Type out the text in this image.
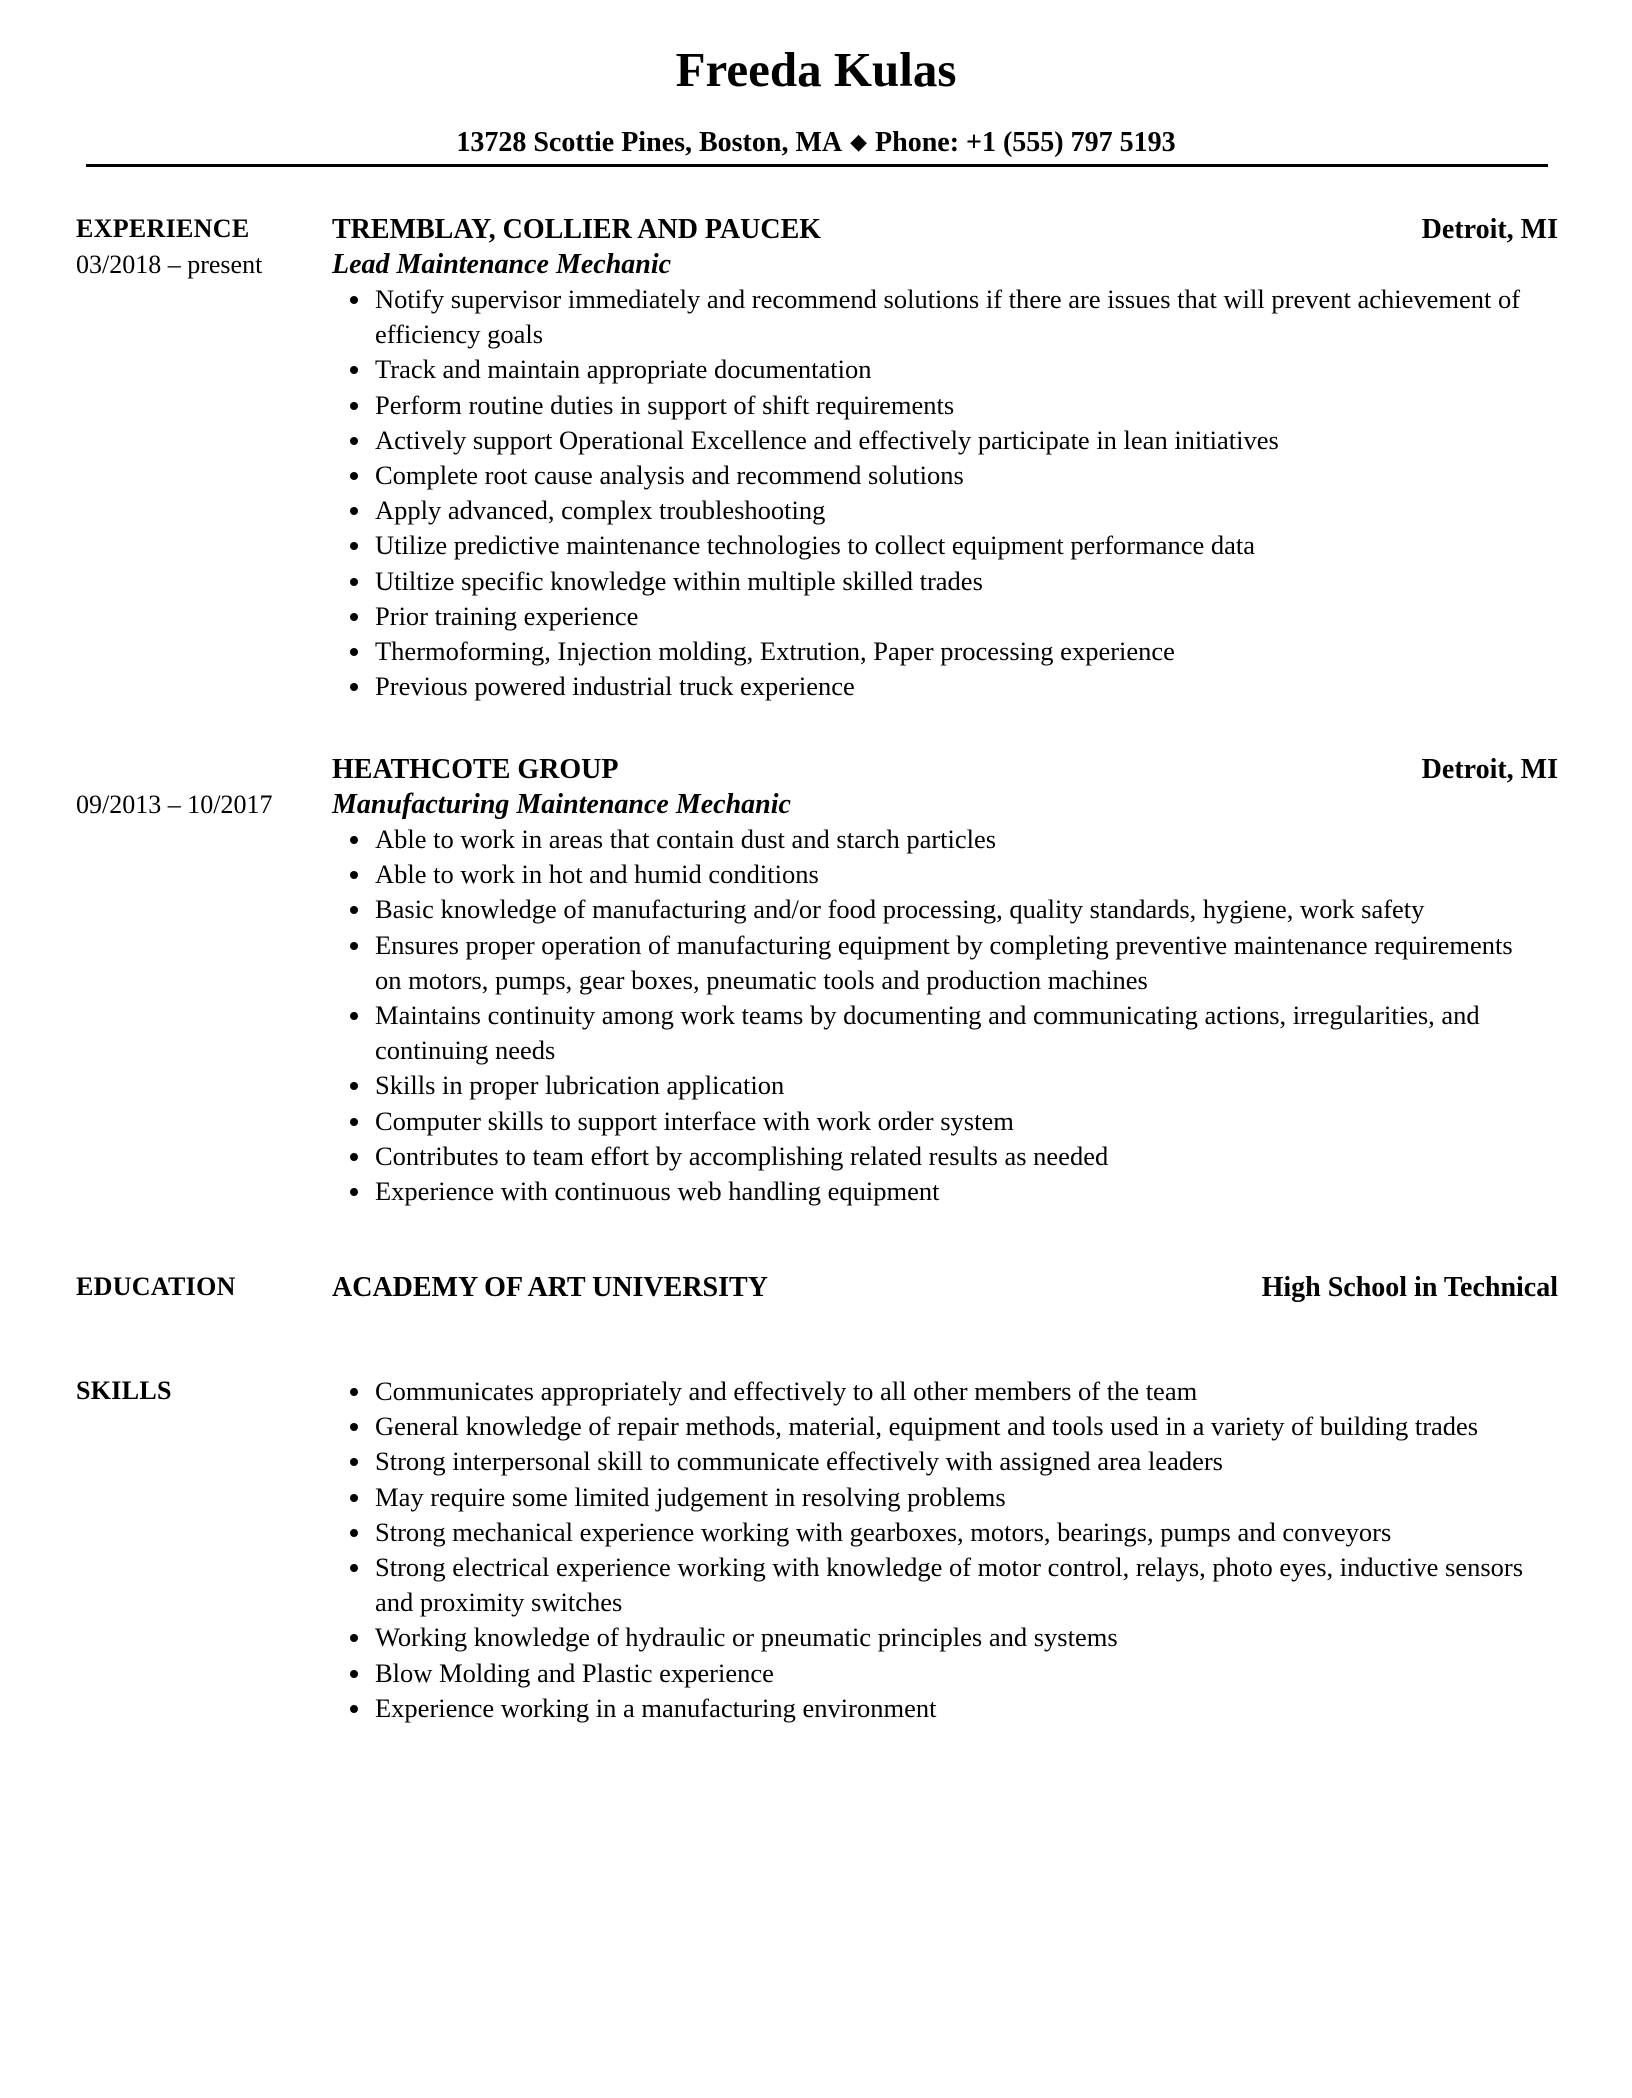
Freeda Kulas
13728 Scottie Pines, Boston, MA ◆ Phone: +1 (555) 797 5193
EXPERIENCE
03/2018 – present
TREMBLAY, COLLIER AND PAUCEK	Detroit, MI
Lead Maintenance Mechanic
Notify supervisor immediately and recommend solutions if there are issues that will prevent achievement of efficiency goals
Track and maintain appropriate documentation
Perform routine duties in support of shift requirements
Actively support Operational Excellence and effectively participate in lean initiatives
Complete root cause analysis and recommend solutions
Apply advanced, complex troubleshooting
Utilize predictive maintenance technologies to collect equipment performance data
Utiltize specific knowledge within multiple skilled trades
Prior training experience
Thermoforming, Injection molding, Extrution, Paper processing experience
Previous powered industrial truck experience
09/2013 – 10/2017
HEATHCOTE GROUP	Detroit, MI
Manufacturing Maintenance Mechanic
Able to work in areas that contain dust and starch particles
Able to work in hot and humid conditions
Basic knowledge of manufacturing and/or food processing, quality standards, hygiene, work safety
Ensures proper operation of manufacturing equipment by completing preventive maintenance requirements on motors, pumps, gear boxes, pneumatic tools and production machines
Maintains continuity among work teams by documenting and communicating actions, irregularities, and continuing needs
Skills in proper lubrication application
Computer skills to support interface with work order system
Contributes to team effort by accomplishing related results as needed
Experience with continuous web handling equipment
EDUCATION	ACADEMY OF ART UNIVERSITY	High School in Technical
SKILLS	Communicates appropriately and effectively to all other members of the team
General knowledge of repair methods, material, equipment and tools used in a variety of building trades
Strong interpersonal skill to communicate effectively with assigned area leaders
May require some limited judgement in resolving problems
Strong mechanical experience working with gearboxes, motors, bearings, pumps and conveyors
Strong electrical experience working with knowledge of motor control, relays, photo eyes, inductive sensors and proximity switches
Working knowledge of hydraulic or pneumatic principles and systems
Blow Molding and Plastic experience
Experience working in a manufacturing environment
